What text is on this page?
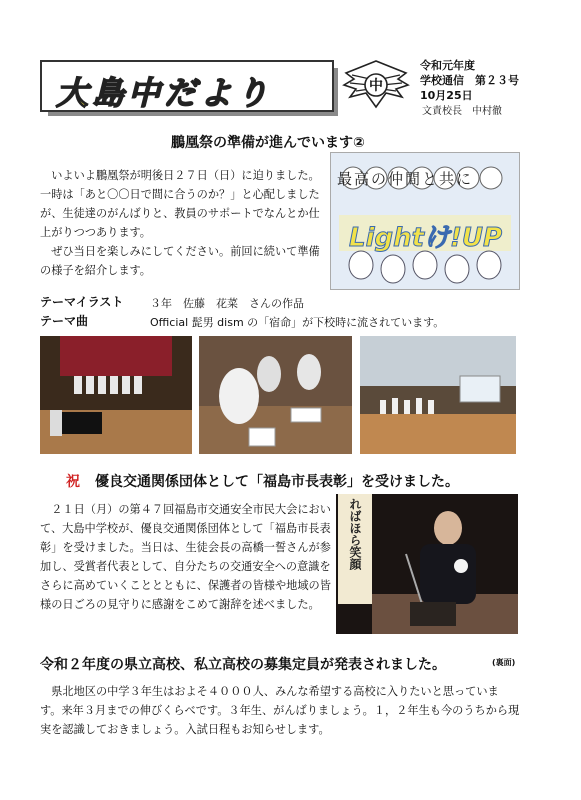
大島中だより	中
令和元年度
学校通信　第２３号
10月25日
文責校長　中村徹
鵬凰祭の準備が進んでいます②
　いよいよ鵬凰祭が明後日２７日（日）に迫りました。一時は「あと〇〇日で間に合うのか？」と心配しましたが、生徒達のがんばりと、教員のサポートでなんとか仕上がりつつあります。
　ぜひ当日を楽しみにしてください。前回に続いて準備の様子を紹介します。
最高の仲間と共に
Lightけ!UP
テーマイラスト ３年　佐藤　花菜　さんの作品
テーマ曲	Official 髭男 dism の「宿命」が下校時に流されています。
祝 優良交通関係団体として「福島市長表彰」を受けました。
　２１日（月）の第４７回福島市交通安全市民大会において、大島中学校が、優良交通関係団体として「福島市長表彰」を受けました。当日は、生徒会長の高橋一誓さんが参加し、受賞者代表として、自分たちの交通安全への意識をさらに高めていくこととともに、保護者の皆様や地域の皆様の日ごろの見守りに感謝をこめて謝辞を述べました。
ればほら笑顔
令和２年度の県立高校、私立高校の募集定員が発表されました。	(裏面)
　県北地区の中学３年生はおよそ４０００人、みんな希望する高校に入りたいと思っています。来年３月までの伸びくらべです。３年生、がんばりましょう。１，２年生も今のうちから現実を認識しておきましょう。入試日程もお知らせします。
